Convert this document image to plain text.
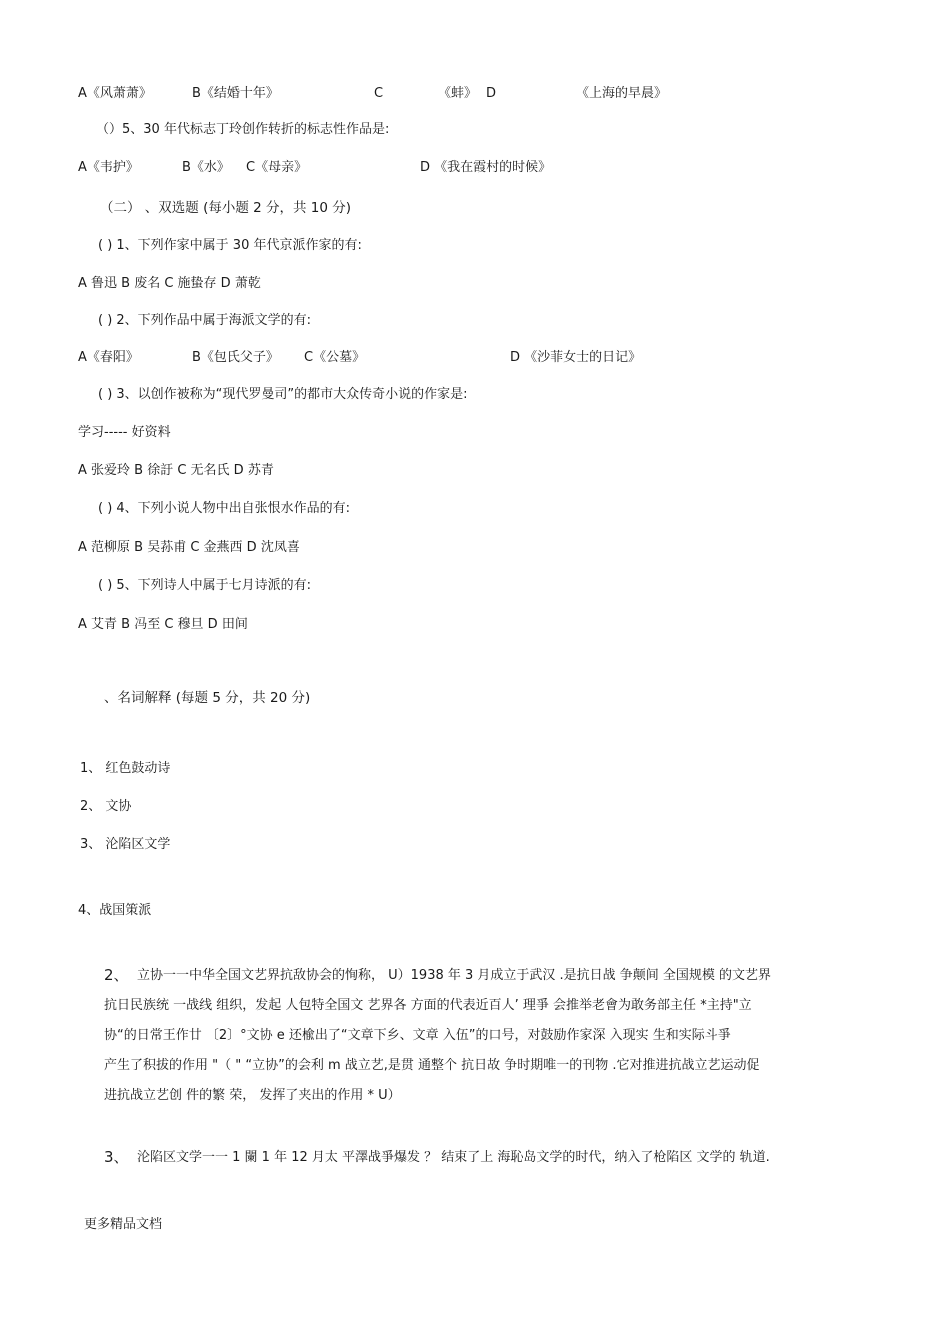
A《风萧萧》	B《结婚十年》	C	《蚌》 D	《上海的早晨》
（）5、30 年代标志丁玲创作转折的标志性作品是:
A《韦护》	B《水》 C《母亲》	D 《我在霞村的时候》
（二） 、双选题 (每小题 2 分，共 10 分)
( ) 1、下列作家中属于 30 年代京派作家的有:
A 鲁迅 B 废名 C 施蛰存 D 萧乾
( ) 2、下列作品中属于海派文学的有:
A《春阳》	B《包氏父子》 C《公墓》	D 《沙菲女士的日记》
( ) 3、以创作被称为“现代罗曼司”的都市大众传奇小说的作家是:
学习----- 好资料
A 张爱玲 B 徐訏 C 无名氏 D 苏青
( ) 4、下列小说人物中出自张恨水作品的有:
A 范柳原 B 吴荪甫 C 金燕西 D 沈凤喜
( ) 5、下列诗人中属于七月诗派的有:
A 艾青 B 冯至 C 穆旦 D 田间
、名词解释 (每题 5 分，共 20 分)
1、 红色鼓动诗
2、 文协
3、 沦陷区文学
4、战国策派
2、 立协一一中华全国文艺界抗敌协会的恂称， U）1938 年 3 月成立于武汉 .是抗日战 争颠间 全国规模 的文艺界
抗日民族统 一战线 组织，发起 人包特全国文 艺界各 方面的代表近百人’ 理爭 会推举老會为敢务部主任 *主持"立
协“的日常王作廿 〔2〕°文协 e 还楡出了“文章下乡、文章 入伍”的口号，对鼓励作家深 入现实 生和实际斗爭
产生了积拔的作用 "（ " “立协”的会利 m 战立艺,是贯 通整个 抗日故 争时期唯一的刊物 .它对推进抗战立艺运动促
进抗战立艺创 件的繁 荣， 发挥了夹出的作用 * U）
3、 沦陷区文学一一 1 闌 1 年 12 月太 平澤战爭爆发 ？ 结束了上 海恥岛文学的时代，纳入了枪陷区 文学的 轨道.
更多精品文档
